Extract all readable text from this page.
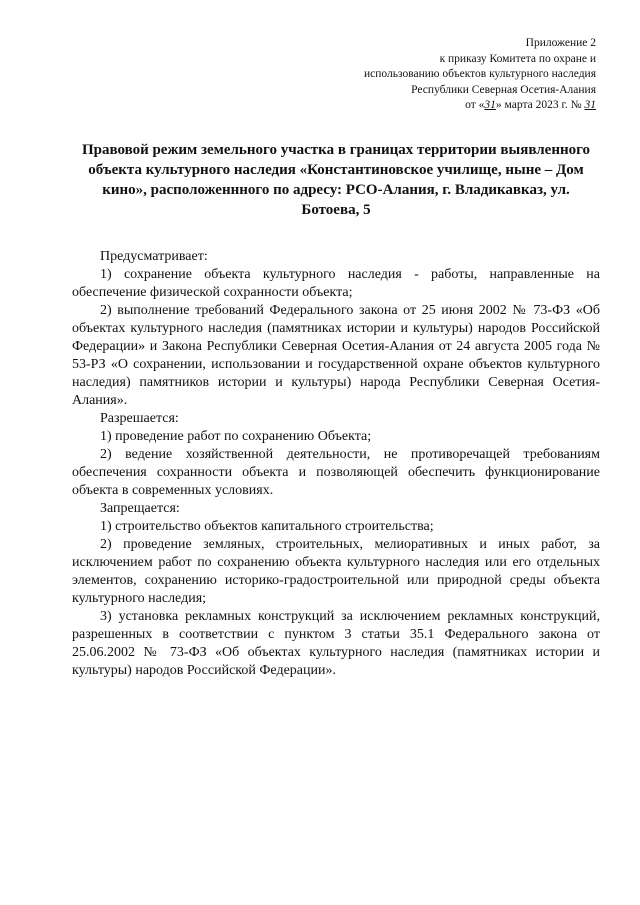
Приложение 2
к приказу Комитета по охране и
использованию объектов культурного наследия
Республики Северная Осетия-Алания
от «31» марта 2023 г. № 31
Правовой режим земельного участка в границах территории выявленного объекта культурного наследия «Константиновское училище, ныне – Дом кино», расположеннного по адресу: РСО-Алания, г. Владикавказ, ул. Ботоева, 5

Предусматривает:

1) сохранение объекта культурного наследия - работы, направленные на обеспечение физической сохранности объекта;

2) выполнение требований Федерального закона от 25 июня 2002 № 73-ФЗ «Об объектах культурного наследия (памятниках истории и культуры) народов Российской Федерации» и Закона Республики Северная Осетия-Алания от 24 августа 2005 года № 53-РЗ «О сохранении, использовании и государственной охране объектов культурного наследия) памятников истории и культуры) народа Республики Северная Осетия-Алания».

Разрешается:

1) проведение работ по сохранению Объекта;

2) ведение хозяйственной деятельности, не противоречащей требованиям обеспечения сохранности объекта и позволяющей обеспечить функционирование объекта в современных условиях.

Запрещается:

1) строительство объектов капитального строительства;

2) проведение земляных, строительных, мелиоративных и иных работ, за исключением работ по сохранению объекта культурного наследия или его отдельных элементов, сохранению историко-градостроительной или природной среды объекта культурного наследия;

3) установка рекламных конструкций за исключением рекламных конструкций, разрешенных в соответствии с пунктом 3 статьи 35.1 Федерального закона от 25.06.2002 № 73-ФЗ «Об объектах культурного наследия (памятниках истории и культуры) народов Российской Федерации».
